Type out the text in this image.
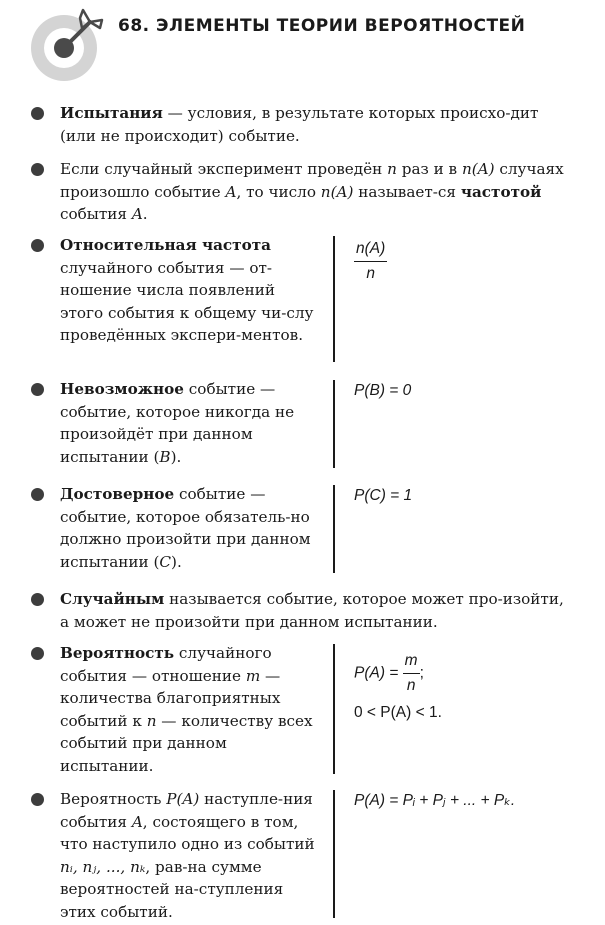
68. ЭЛЕМЕНТЫ ТЕОРИИ ВЕРОЯТНОСТЕЙ
Испытания — условия, в результате которых происхо-дит (или не происходит) событие.
Если случайный эксперимент проведён n раз и в n(A) случаях произошло событие A, то число n(A) называет-ся частотой события A.
Относительная частота случайного события — от-ношение числа появлений этого события к общему чи-слу проведённых экспери-ментов.
$\frac{n(A)}{n}$
Невозможное событие — событие, которое никогда не произойдёт при данном испытании (B).
P(B) = 0
Достоверное событие — событие, которое обязатель-но должно произойти при данном испытании (C).
P(C) = 1
Случайным называется событие, которое может про-изойти, а может не произойти при данном испытании.
Вероятность случайного события — отношение m — количества благоприятных событий к n — количеству всех событий при данном испытании.
$P(A) = \frac{m}{n}$ ;
0 < P(A) < 1.
Вероятность P(A) наступле-ния события A, состоящего в том, что наступило одно из событий nᵢ, nⱼ, ..., nₖ, рав-на сумме вероятностей на-ступления этих событий.
P(A) = Pᵢ + Pⱼ + ... + Pₖ.
